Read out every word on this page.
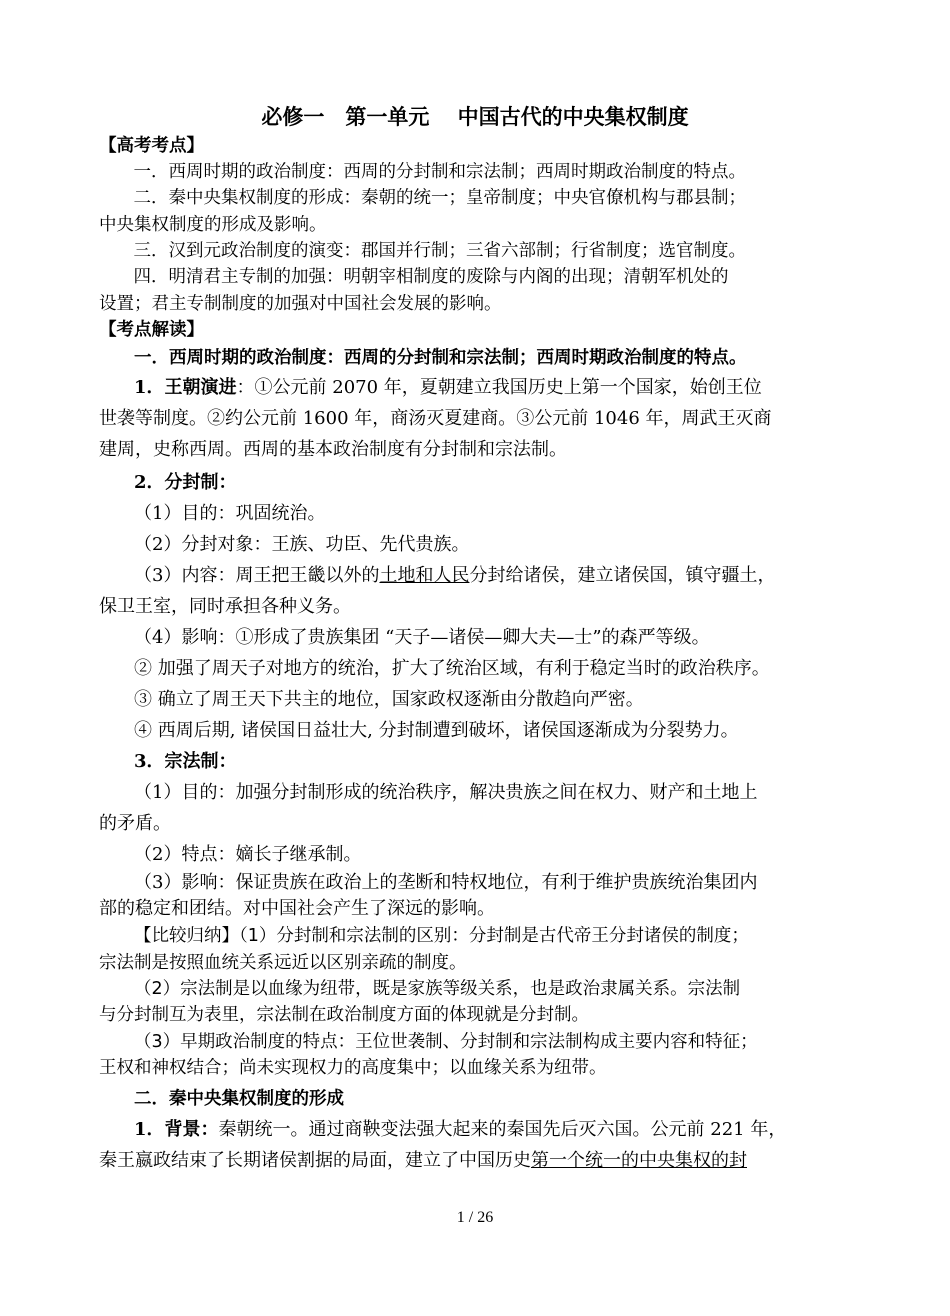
必修一　第一单元　 中国古代的中央集权制度
【高考考点】
　一．西周时期的政治制度：西周的分封制和宗法制；西周时期政治制度的特点。
　二．秦中央集权制度的形成：秦朝的统一；皇帝制度；中央官僚机构与郡县制；
中央集权制度的形成及影响。
　三．汉到元政治制度的演变：郡国并行制；三省六部制；行省制度；选官制度。
　四．明清君主专制的加强：明朝宰相制度的废除与内阁的出现；清朝军机处的
设置；君主专制制度的加强对中国社会发展的影响。
【考点解读】
一．西周时期的政治制度：西周的分封制和宗法制；西周时期政治制度的特点。
1．王朝演进：①公元前 2070 年，夏朝建立我国历史上第一个国家，始创王位
世袭等制度。②约公元前 1600 年，商汤灭夏建商。③公元前 1046 年，周武王灭商
建周，史称西周。西周的基本政治制度有分封制和宗法制。
2．分封制：
（1）目的：巩固统治。
（2）分封对象：王族、功臣、先代贵族。
（3）内容：周王把王畿以外的土地和人民分封给诸侯，建立诸侯国，镇守疆土，
保卫王室，同时承担各种义务。
（4）影响：①形成了贵族集团 “天子—诸侯—卿大夫—士”的森严等级。
② 加强了周天子对地方的统治，扩大了统治区域，有利于稳定当时的政治秩序。
③ 确立了周王天下共主的地位，国家政权逐渐由分散趋向严密。
④ 西周后期, 诸侯国日益壮大, 分封制遭到破坏，诸侯国逐渐成为分裂势力。
3．宗法制：
（1）目的：加强分封制形成的统治秩序，解决贵族之间在权力、财产和土地上
的矛盾。
（2）特点：嫡长子继承制。
（3）影响：保证贵族在政治上的垄断和特权地位，有利于维护贵族统治集团内
部的稳定和团结。对中国社会产生了深远的影响。
【比较归纳】（1）分封制和宗法制的区别：分封制是古代帝王分封诸侯的制度；
宗法制是按照血统关系远近以区别亲疏的制度。
（2）宗法制是以血缘为纽带，既是家族等级关系，也是政治隶属关系。宗法制
与分封制互为表里，宗法制在政治制度方面的体现就是分封制。
（3）早期政治制度的特点：王位世袭制、分封制和宗法制构成主要内容和特征；
王权和神权结合；尚未实现权力的高度集中；以血缘关系为纽带。
二．秦中央集权制度的形成
1．背景：秦朝统一。通过商鞅变法强大起来的秦国先后灭六国。公元前 221 年，
秦王嬴政结束了长期诸侯割据的局面，建立了中国历史第一个统一的中央集权的封
1 / 26
